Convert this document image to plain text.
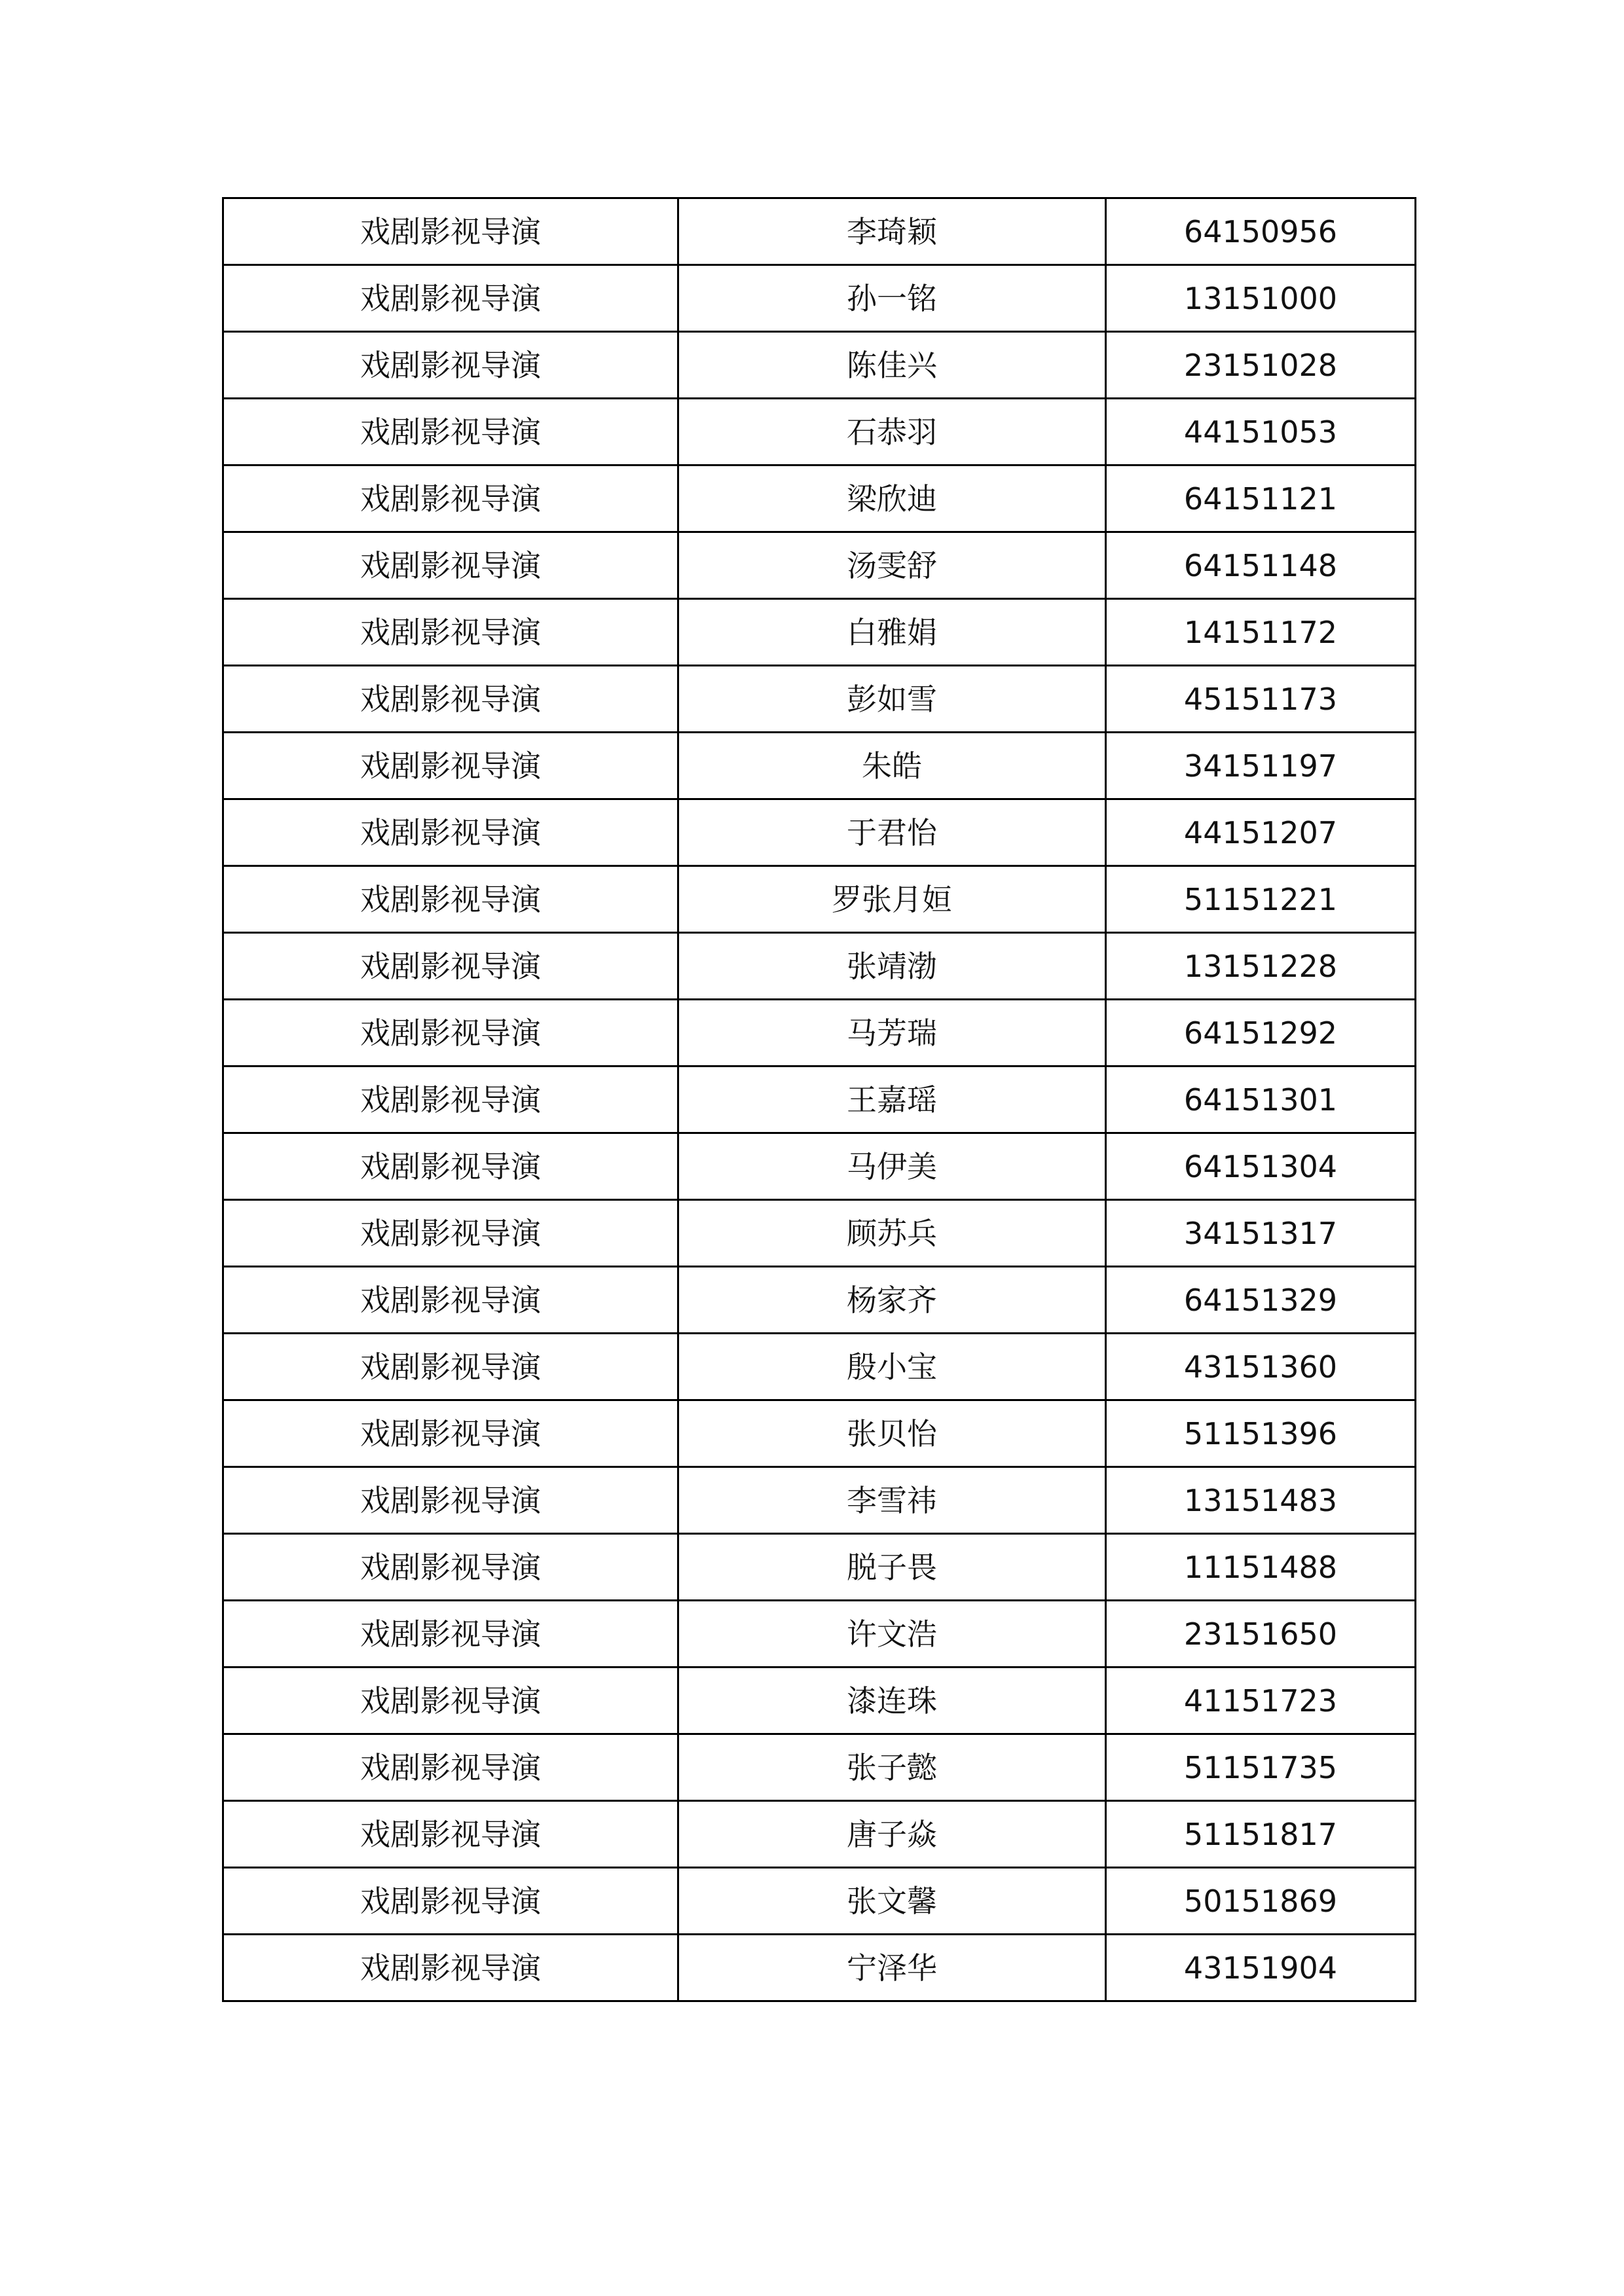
戏剧影视导演	李琦颖	64150956
戏剧影视导演	孙一铭	13151000
戏剧影视导演	陈佳兴	23151028
戏剧影视导演	石恭羽	44151053
戏剧影视导演	梁欣迪	64151121
戏剧影视导演	汤雯舒	64151148
戏剧影视导演	白雅娟	14151172
戏剧影视导演	彭如雪	45151173
戏剧影视导演	朱皓	34151197
戏剧影视导演	于君怡	44151207
戏剧影视导演	罗张月姮	51151221
戏剧影视导演	张靖渤	13151228
戏剧影视导演	马芳瑞	64151292
戏剧影视导演	王嘉瑶	64151301
戏剧影视导演	马伊美	64151304
戏剧影视导演	顾苏兵	34151317
戏剧影视导演	杨家齐	64151329
戏剧影视导演	殷小宝	43151360
戏剧影视导演	张贝怡	51151396
戏剧影视导演	李雪祎	13151483
戏剧影视导演	脱子畏	11151488
戏剧影视导演	许文浩	23151650
戏剧影视导演	漆连珠	41151723
戏剧影视导演	张子懿	51151735
戏剧影视导演	唐子焱	51151817
戏剧影视导演	张文馨	50151869
戏剧影视导演	宁泽华	43151904
